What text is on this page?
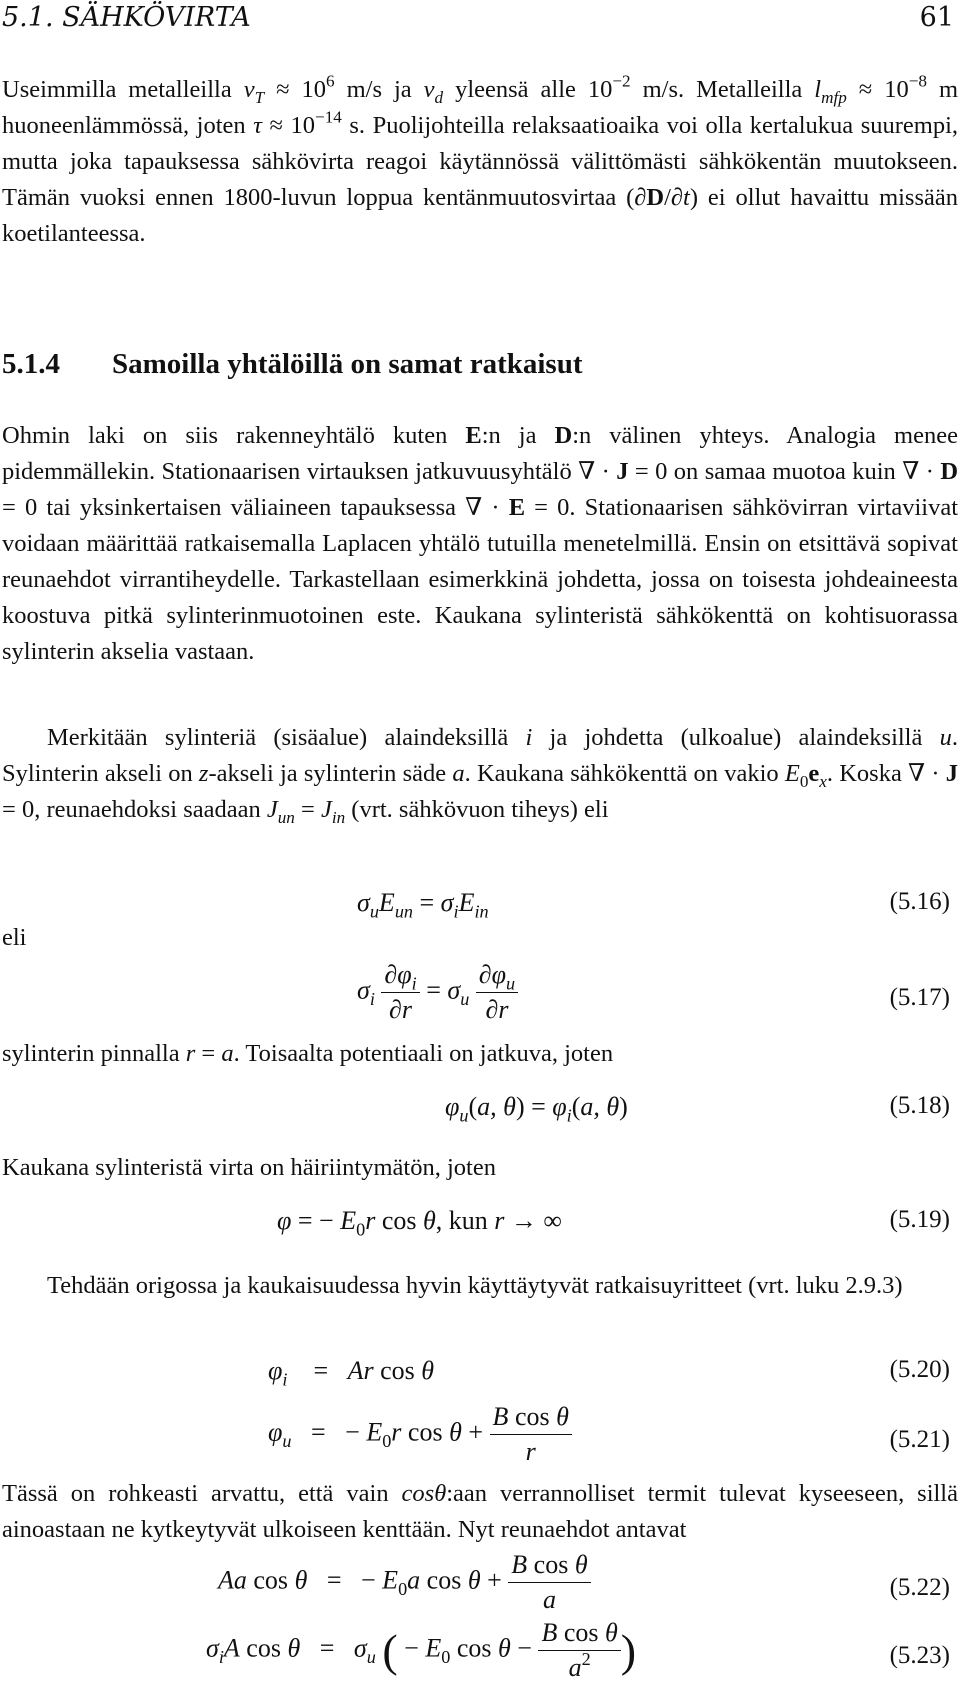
5.1. SÄHKÖVIRTA	61

Useimmilla metalleilla $v_T \approx 10^6$ m/s ja $v_d$ yleensä alle $10^{-2}$ m/s. Metalleilla $l_{mfp} \approx 10^{-8}$ m huoneenlämmössä, joten $\tau \approx 10^{-14}$ s. Puolijohteilla relaksaatioaika voi olla kertalukua suurempi, mutta joka tapauksessa sähkövirta reagoi käytännössä välittömästi sähkökentän muutokseen. Tämän vuoksi ennen 1800-luvun loppua kentänmuutosvirtaa (∂D/∂t) ei ollut havaittu missään koetilanteessa.

5.1.4 Samoilla yhtälöillä on samat ratkaisut

Ohmin laki on siis rakenneyhtälö kuten E:n ja D:n välinen yhteys. Analogia menee pidemmällekin. Stationaarisen virtauksen jatkuvuusyhtälö ∇ · J = 0 on samaa muotoa kuin ∇ · D = 0 tai yksinkertaisen väliaineen tapauksessa ∇ · E = 0. Stationaarisen sähkövirran virtaviivat voidaan määrittää ratkaisemalla Laplacen yhtälö tutuilla menetelmillä. Ensin on etsittävä sopivat reunaehdot virrantiheydelle. Tarkastellaan esimerkkinä johdetta, jossa on toisesta johdeaineesta koostuva pitkä sylinterinmuotoinen este. Kaukana sylinteristä sähkökenttä on kohtisuorassa sylinterin akselia vastaan.

Merkitään sylinteriä (sisäalue) alaindeksillä i ja johdetta (ulkoalue) alaindeksillä u. Sylinterin akseli on z-akseli ja sylinterin säde a. Kaukana sähkökenttä on vakio $E_0e_x$. Koska ∇ · J = 0, reunaehdoksi saadaan $J_{un} = J_{in}$ (vrt. sähkövuon tiheys) eli

$\sigma_uE_{un} = \sigma_iE_{in}$	(5.16)

eli

$\sigma_i \frac{\partial\varphi_i}{\partial r} = \sigma_u \frac{\partial\varphi_u}{\partial r}$	(5.17)

sylinterin pinnalla r = a. Toisaalta potentiaali on jatkuva, joten

$\varphi_u(a$, $\theta) = \varphi_i(a$, θ)	(5.18)

Kaukana sylinteristä virta on häiriintymätön, joten

φ = − $E_0r$ cos θ, kun r → ∞	(5.19)

Tehdään origossa ja kaukaisuudessa hyvin käyttäytyvät ratkaisuyritteet (vrt. luku 2.9.3)

$\varphi_i$    =   Ar cos θ	(5.20)
$\varphi_u$   =   − $E_0r$ $\cos \theta + \frac{\text{B cos θ}}{r}$	(5.21)

Tässä on rohkeasti arvattu, että vain cosθ:aan verrannolliset termit tulevat kyseeseen, sillä ainoastaan ne kytkeytyvät ulkoiseen kenttään. Nyt reunaehdot antavat

Aa cos θ   =   − $E_0a$ $\cos \theta + \frac{\text{B cos θ}}{a}$	(5.22)
$\sigma_iA$ $\cos \theta = \sigma_u$ ( − $E_0$ $\cos \theta - \frac{\text{B cos θ}}{a^2}$ )	(5.23)
